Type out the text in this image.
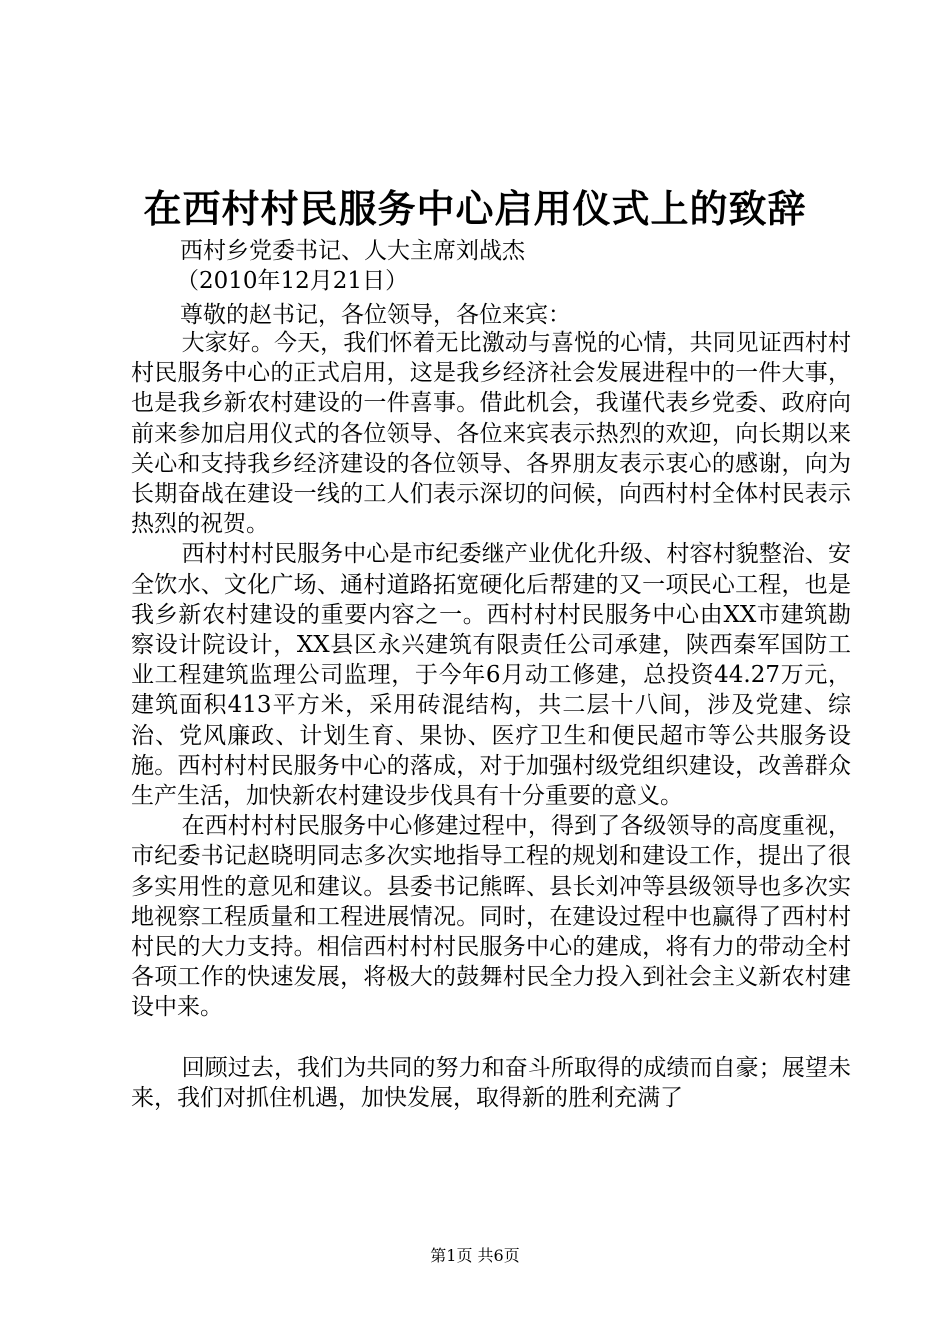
在西村村民服务中心启用仪式上的致辞
西村乡党委书记、人大主席刘战杰
（2010年12月21日）
尊敬的赵书记，各位领导，各位来宾：

大家好。今天，我们怀着无比激动与喜悦的心情，共同见证西村村村民服务中心的正式启用，这是我乡经济社会发展进程中的一件大事，也是我乡新农村建设的一件喜事。借此机会，我谨代表乡党委、政府向前来参加启用仪式的各位领导、各位来宾表示热烈的欢迎，向长期以来关心和支持我乡经济建设的各位领导、各界朋友表示衷心的感谢，向为长期奋战在建设一线的工人们表示深切的问候，向西村村全体村民表示热烈的祝贺。

西村村村民服务中心是市纪委继产业优化升级、村容村貌整治、安全饮水、文化广场、通村道路拓宽硬化后帮建的又一项民心工程，也是我乡新农村建设的重要内容之一。西村村村民服务中心由XX市建筑勘察设计院设计，XX县区永兴建筑有限责任公司承建，陕西秦军国防工业工程建筑监理公司监理，于今年6月动工修建，总投资44.27万元，建筑面积413平方米，采用砖混结构，共二层十八间，涉及党建、综治、党风廉政、计划生育、果协、医疗卫生和便民超市等公共服务设施。西村村村民服务中心的落成，对于加强村级党组织建设，改善群众生产生活，加快新农村建设步伐具有十分重要的意义。

在西村村村民服务中心修建过程中，得到了各级领导的高度重视，市纪委书记赵晓明同志多次实地指导工程的规划和建设工作，提出了很多实用性的意见和建议。县委书记熊晖、县长刘冲等县级领导也多次实地视察工程质量和工程进展情况。同时，在建设过程中也赢得了西村村村民的大力支持。相信西村村村民服务中心的建成，将有力的带动全村各项工作的快速发展，将极大的鼓舞村民全力投入到社会主义新农村建设中来。

回顾过去，我们为共同的努力和奋斗所取得的成绩而自豪；展望未来，我们对抓住机遇，加快发展，取得新的胜利充满了

第1页 共6页
